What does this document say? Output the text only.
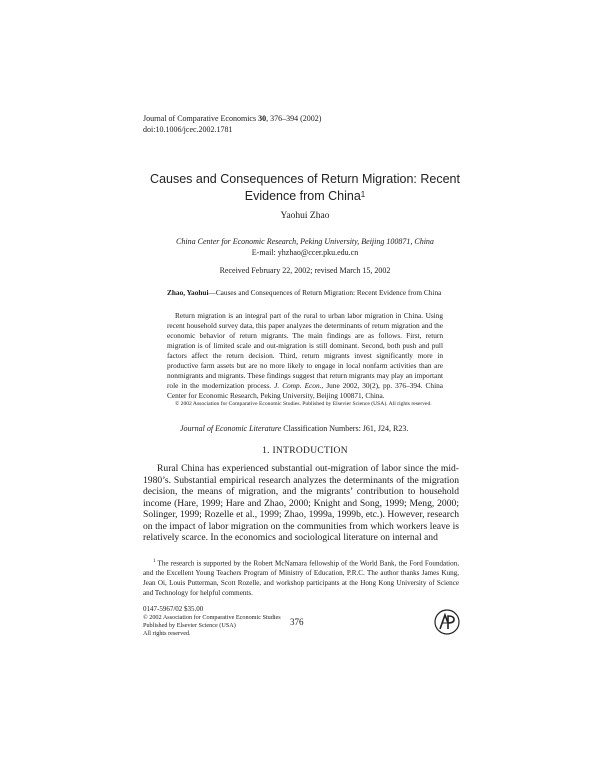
Journal of Comparative Economics 30, 376–394 (2002)
doi:10.1006/jcec.2002.1781
Causes and Consequences of Return Migration: Recent
Evidence from China$^1$
Yaohui Zhao
China Center for Economic Research, Peking University, Beijing 100871, China
E-mail: yhzhao@ccer.pku.edu.cn
Received February 22, 2002; revised March 15, 2002
Zhao, Yaohui—Causes and Consequences of Return Migration: Recent Evidence from China
Return migration is an integral part of the rural to urban labor migration in China. Using recent household survey data, this paper analyzes the determinants of return migration and the economic behavior of return migrants. The main findings are as follows. First, return migration is of limited scale and out-migration is still dominant. Second, both push and pull factors affect the return decision. Third, return migrants invest significantly more in productive farm assets but are no more likely to engage in local nonfarm activities than are nonmigrants and migrants. These findings suggest that return migrants may play an important role in the modernization process. J. Comp. Econ., June 2002, 30(2), pp. 376–394. China Center for Economic Research, Peking University, Beijing 100871, China.
© 2002 Association for Comparative Economic Studies. Published by Elsevier Science (USA). All rights reserved.
Journal of Economic Literature Classification Numbers: J61, J24, R23.
1. INTRODUCTION
Rural China has experienced substantial out-migration of labor since the mid-1980’s. Substantial empirical research analyzes the determinants of the migration decision, the means of migration, and the migrants’ contribution to household income (Hare, 1999; Hare and Zhao, 2000; Knight and Song, 1999; Meng, 2000; Solinger, 1999; Rozelle et al., 1999; Zhao, 1999a, 1999b, etc.). However, research on the impact of labor migration on the communities from which workers leave is relatively scarce. In the economics and sociological literature on internal and
$^1$ The research is supported by the Robert McNamara fellowship of the World Bank, the Ford Foundation, and the Excellent Young Teachers Program of Ministry of Education, P.R.C. The author thanks James Kung, Jean Oi, Louis Putterman, Scott Rozelle, and workshop participants at the Hong Kong University of Science and Technology for helpful comments.
0147-5967/02 $35.00
© 2002 Association for Comparative Economic Studies
Published by Elsevier Science (USA)
All rights reserved.
376
